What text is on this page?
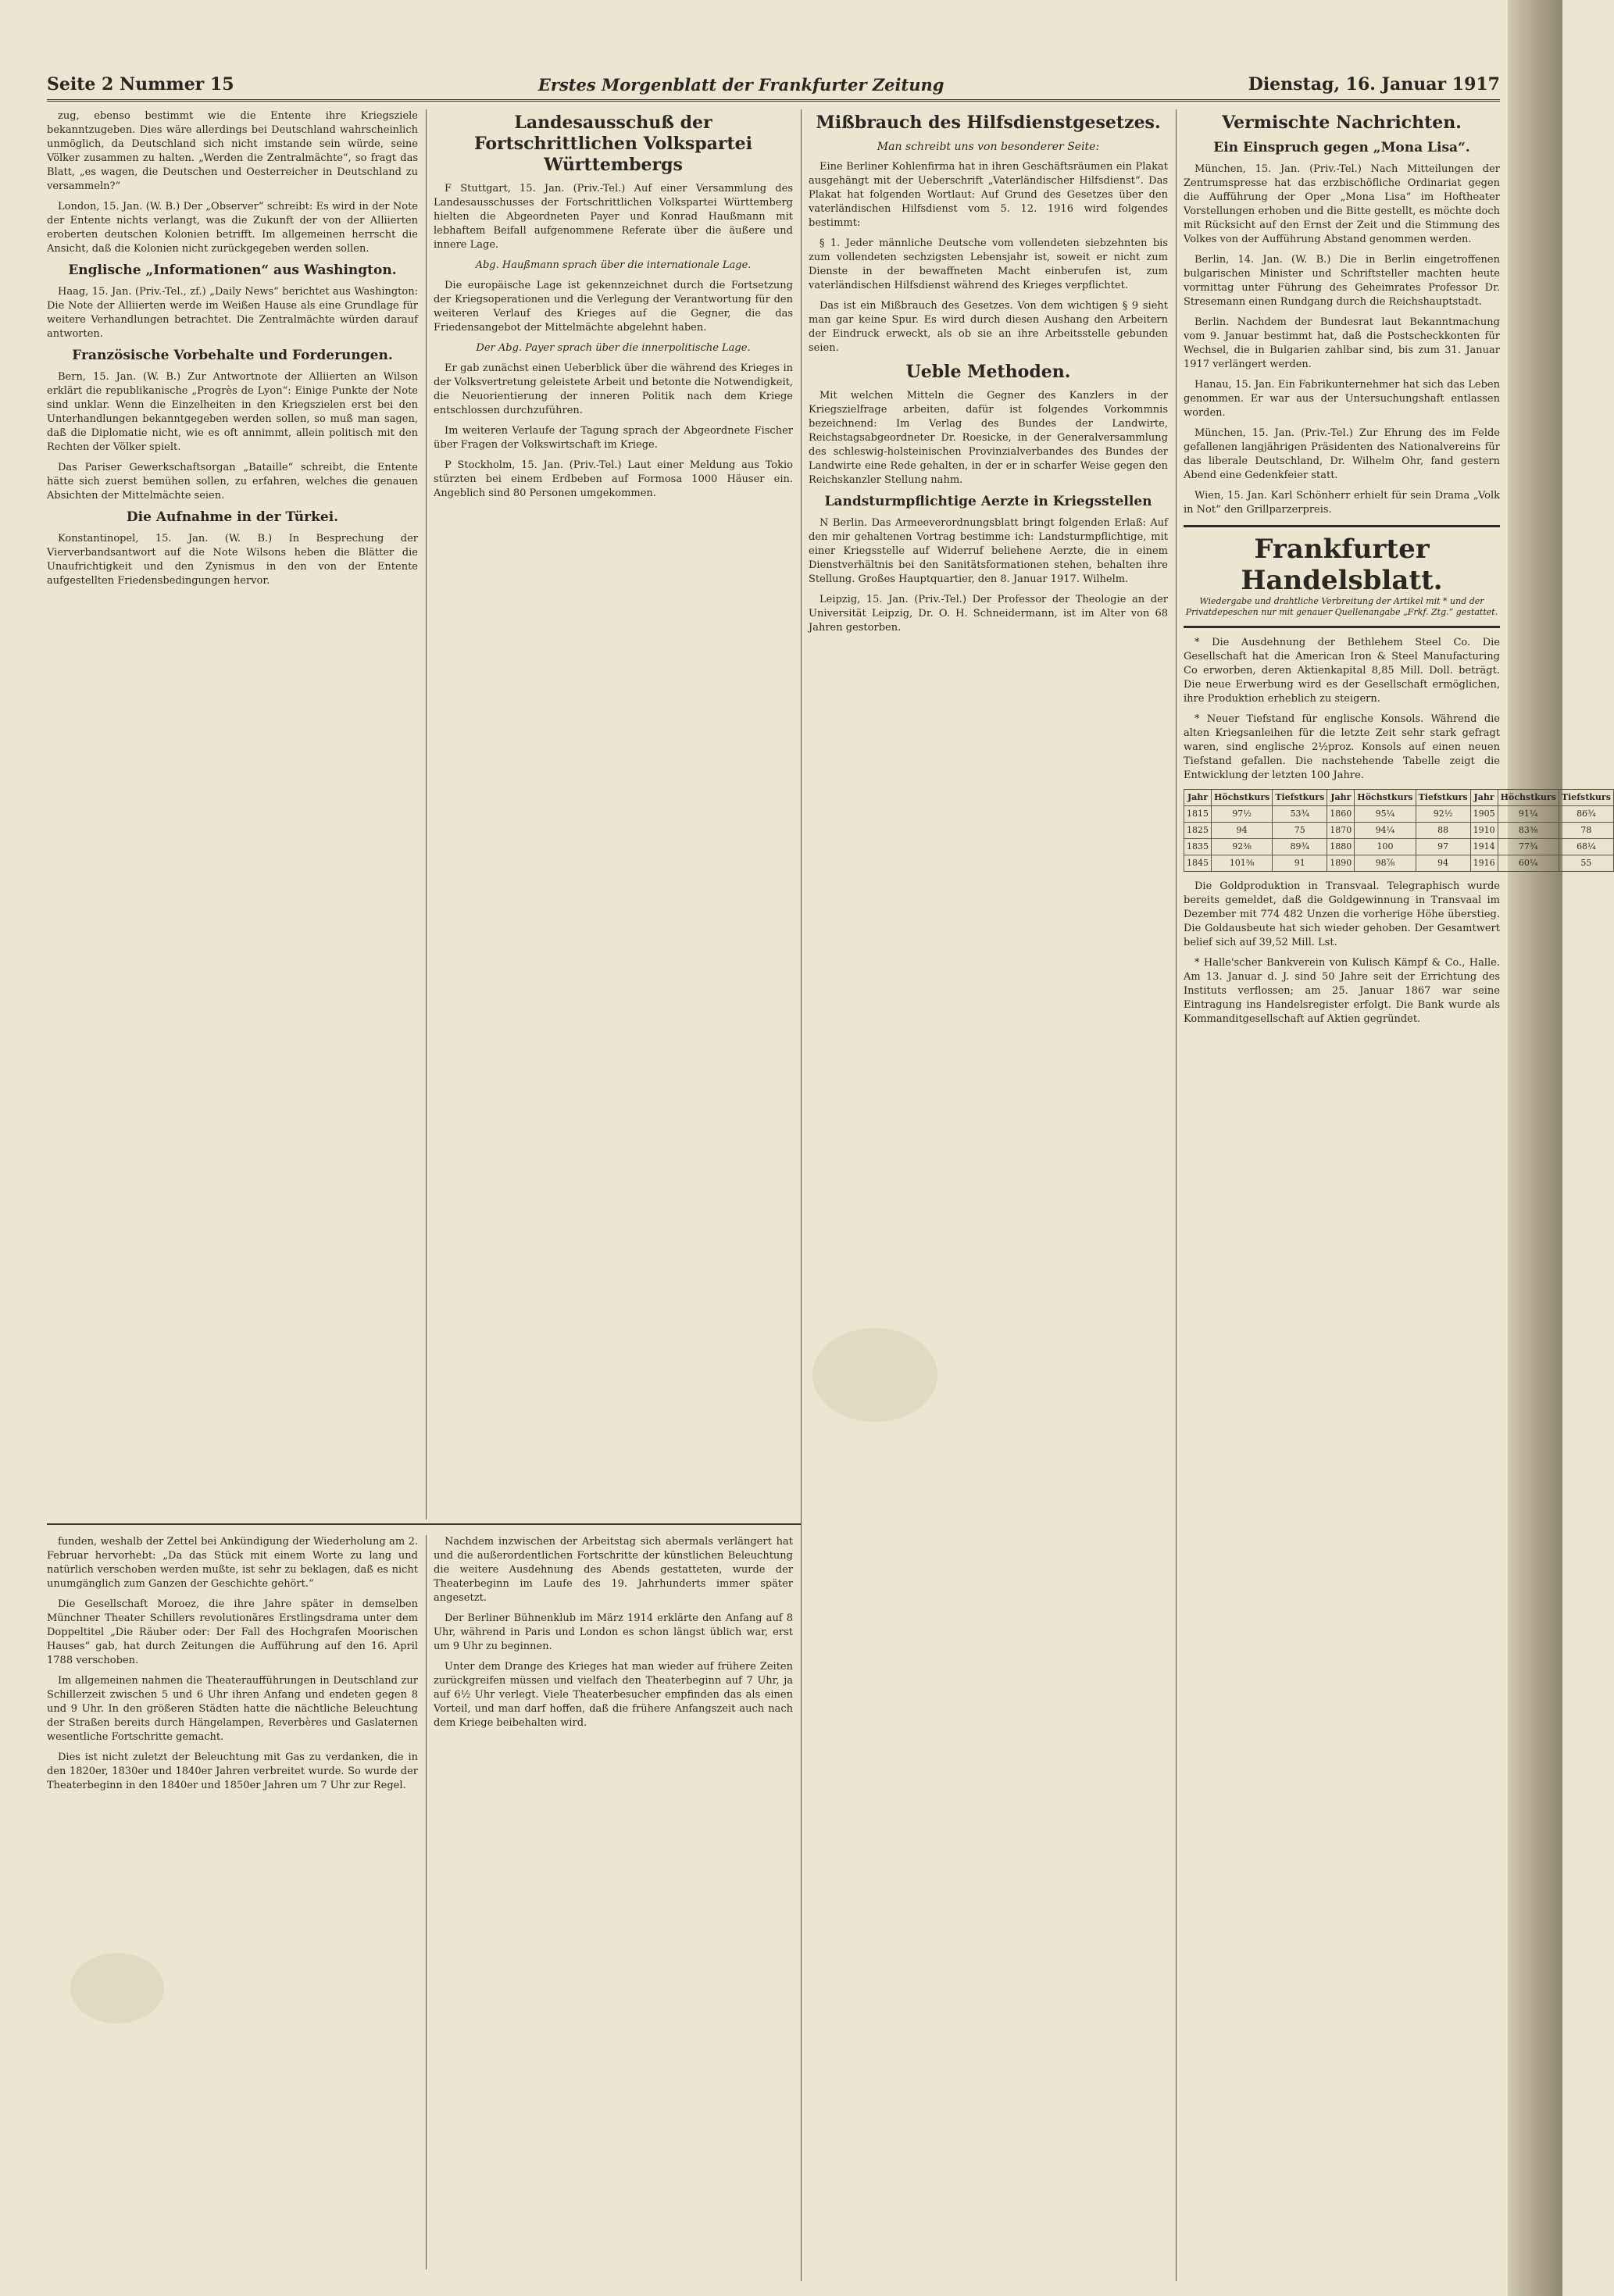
Seite 2 Nummer 15	Erstes Morgenblatt der Frankfurter Zeitung	Dienstag, 16. Januar 1917

zug, ebenso bestimmt wie die Entente ihre Kriegsziele bekanntzugeben. Dies wäre allerdings bei Deutschland wahrscheinlich unmöglich, da Deutschland sich nicht imstande sein würde, seine Völker zusammen zu halten. „Werden die Zentralmächte“, so fragt das Blatt, „es wagen, die Deutschen und Oesterreicher in Deutschland zu versammeln?“

London, 15. Jan. (W. B.) Der „Observer“ schreibt: Es wird in der Note der Entente nichts verlangt, was die Zukunft der von der Alliierten eroberten deutschen Kolonien betrifft. Im allgemeinen herrscht die Ansicht, daß die Kolonien nicht zurückgegeben werden sollen.

Englische „Informationen“ aus Washington.

Haag, 15. Jan. (Priv.-Tel., zf.) „Daily News“ berichtet aus Washington: Die Note der Alliierten werde im Weißen Hause als eine Grundlage für weitere Verhandlungen betrachtet. Die Zentralmächte würden darauf antworten.

Französische Vorbehalte und Forderungen.

Bern, 15. Jan. (W. B.) Zur Antwortnote der Alliierten an Wilson erklärt die republikanische „Progrès de Lyon“: Einige Punkte der Note sind unklar. Wenn die Einzelheiten in den Kriegszielen erst bei den Unterhandlungen bekanntgegeben werden sollen, so muß man sagen, daß die Diplomatie nicht, wie es oft annimmt, allein politisch mit den Rechten der Völker spielt.

Das Pariser Gewerkschaftsorgan „Bataille“ schreibt, die Entente hätte sich zuerst bemühen sollen, zu erfahren, welches die genauen Absichten der Mittelmächte seien.

Die Aufnahme in der Türkei.

Konstantinopel, 15. Jan. (W. B.) In Besprechung der Vierverbandsantwort auf die Note Wilsons heben die Blätter die Unaufrichtigkeit und den Zynismus in den von der Entente aufgestellten Friedensbedingungen hervor.

Landesausschuß der Fortschrittlichen Volkspartei Württembergs

F Stuttgart, 15. Jan. (Priv.-Tel.) Auf einer Versammlung des Landesausschusses der Fortschrittlichen Volkspartei Württemberg hielten die Abgeordneten Payer und Konrad Haußmann mit lebhaftem Beifall aufgenommene Referate über die äußere und innere Lage.

Abg. Haußmann sprach über die internationale Lage.

Die europäische Lage ist gekennzeichnet durch die Fortsetzung der Kriegsoperationen und die Verlegung der Verantwortung für den weiteren Verlauf des Krieges auf die Gegner, die das Friedensangebot der Mittelmächte abgelehnt haben.

Der Abg. Payer sprach über die innerpolitische Lage.

Er gab zunächst einen Ueberblick über die während des Krieges in der Volksvertretung geleistete Arbeit und betonte die Notwendigkeit, die Neuorientierung der inneren Politik nach dem Kriege entschlossen durchzuführen.

Im weiteren Verlaufe der Tagung sprach der Abgeordnete Fischer über Fragen der Volkswirtschaft im Kriege.

P Stockholm, 15. Jan. (Priv.-Tel.) Laut einer Meldung aus Tokio stürzten bei einem Erdbeben auf Formosa 1000 Häuser ein. Angeblich sind 80 Personen umgekommen.

Mißbrauch des Hilfsdienstgesetzes.
Man schreibt uns von besonderer Seite:

Eine Berliner Kohlenfirma hat in ihren Geschäftsräumen ein Plakat ausgehängt mit der Ueberschrift „Vaterländischer Hilfsdienst“. Das Plakat hat folgenden Wortlaut: Auf Grund des Gesetzes über den vaterländischen Hilfsdienst vom 5. 12. 1916 wird folgendes bestimmt:

§ 1. Jeder männliche Deutsche vom vollendeten siebzehnten bis zum vollendeten sechzigsten Lebensjahr ist, soweit er nicht zum Dienste in der bewaffneten Macht einberufen ist, zum vaterländischen Hilfsdienst während des Krieges verpflichtet.

Das ist ein Mißbrauch des Gesetzes. Von dem wichtigen § 9 sieht man gar keine Spur. Es wird durch diesen Aushang den Arbeitern der Eindruck erweckt, als ob sie an ihre Arbeitsstelle gebunden seien.

Ueble Methoden.

Mit welchen Mitteln die Gegner des Kanzlers in der Kriegszielfrage arbeiten, dafür ist folgendes Vorkommnis bezeichnend: Im Verlag des Bundes der Landwirte, Reichstagsabgeordneter Dr. Roesicke, in der Generalversammlung des schleswig-holsteinischen Provinzialverbandes des Bundes der Landwirte eine Rede gehalten, in der er in scharfer Weise gegen den Reichskanzler Stellung nahm.

Landsturmpflichtige Aerzte in Kriegsstellen

N Berlin. Das Armeeverordnungsblatt bringt folgenden Erlaß: Auf den mir gehaltenen Vortrag bestimme ich: Landsturmpflichtige, mit einer Kriegsstelle auf Widerruf beliehene Aerzte, die in einem Dienstverhältnis bei den Sanitätsformationen stehen, behalten ihre Stellung. Großes Hauptquartier, den 8. Januar 1917. Wilhelm.

Leipzig, 15. Jan. (Priv.-Tel.) Der Professor der Theologie an der Universität Leipzig, Dr. O. H. Schneidermann, ist im Alter von 68 Jahren gestorben.

Vermischte Nachrichten.
Ein Einspruch gegen „Mona Lisa“.

München, 15. Jan. (Priv.-Tel.) Nach Mitteilungen der Zentrumspresse hat das erzbischöfliche Ordinariat gegen die Aufführung der Oper „Mona Lisa“ im Hoftheater Vorstellungen erhoben und die Bitte gestellt, es möchte doch mit Rücksicht auf den Ernst der Zeit und die Stimmung des Volkes von der Aufführung Abstand genommen werden.

Berlin, 14. Jan. (W. B.) Die in Berlin eingetroffenen bulgarischen Minister und Schriftsteller machten heute vormittag unter Führung des Geheimrates Professor Dr. Stresemann einen Rundgang durch die Reichshauptstadt.

Berlin. Nachdem der Bundesrat laut Bekanntmachung vom 9. Januar bestimmt hat, daß die Postscheckkonten für Wechsel, die in Bulgarien zahlbar sind, bis zum 31. Januar 1917 verlängert werden.

Hanau, 15. Jan. Ein Fabrikunternehmer hat sich das Leben genommen. Er war aus der Untersuchungshaft entlassen worden.

München, 15. Jan. (Priv.-Tel.) Zur Ehrung des im Felde gefallenen langjährigen Präsidenten des Nationalvereins für das liberale Deutschland, Dr. Wilhelm Ohr, fand gestern Abend eine Gedenkfeier statt.

Wien, 15. Jan. Karl Schönherr erhielt für sein Drama „Volk in Not“ den Grillparzerpreis.

Frankfurter Handelsblatt.
Wiedergabe und drahtliche Verbreitung der Artikel mit * und der Privatdepeschen nur mit genauer Quellenangabe „Frkf. Ztg.“ gestattet.

* Die Ausdehnung der Bethlehem Steel Co. Die Gesellschaft hat die American Iron & Steel Manufacturing Co erworben, deren Aktienkapital 8,85 Mill. Doll. beträgt. Die neue Erwerbung wird es der Gesellschaft ermöglichen, ihre Produktion erheblich zu steigern.

* Neuer Tiefstand für englische Konsols. Während die alten Kriegsanleihen für die letzte Zeit sehr stark gefragt waren, sind englische 2½proz. Konsols auf einen neuen Tiefstand gefallen. Die nachstehende Tabelle zeigt die Entwicklung der letzten 100 Jahre.

Jahr	Höchstkurs	Tiefstkurs	Jahr	Höchstkurs	Tiefstkurs	Jahr	Höchstkurs	Tiefstkurs
1815	97½	53¾	1860	95¼	92½	1905	91¼	86¾
1825	94	75	1870	94¼	88	1910	83⅜	78
1835	92⅜	89¾	1880	100	97	1914	77¾	68¼
1845	101⅜	91	1890	98⅞	94	1916	60¼	55

Die Goldproduktion in Transvaal. Telegraphisch wurde bereits gemeldet, daß die Goldgewinnung in Transvaal im Dezember mit 774 482 Unzen die vorherige Höhe überstieg. Die Goldausbeute hat sich wieder gehoben. Der Gesamtwert belief sich auf 39,52 Mill. Lst.

* Halle'scher Bankverein von Kulisch Kämpf & Co., Halle. Am 13. Januar d. J. sind 50 Jahre seit der Errichtung des Instituts verflossen; am 25. Januar 1867 war seine Eintragung ins Handelsregister erfolgt. Die Bank wurde als Kommanditgesellschaft auf Aktien gegründet.

funden, weshalb der Zettel bei Ankündigung der Wiederholung am 2. Februar hervorhebt: „Da das Stück mit einem Worte zu lang und natürlich verschoben werden mußte, ist sehr zu beklagen, daß es nicht unumgänglich zum Ganzen der Geschichte gehört.“

Die Gesellschaft Moroez, die ihre Jahre später in demselben Münchner Theater Schillers revolutionäres Erstlingsdrama unter dem Doppeltitel „Die Räuber oder: Der Fall des Hochgrafen Moorischen Hauses“ gab, hat durch Zeitungen die Aufführung auf den 16. April 1788 verschoben.

Im allgemeinen nahmen die Theateraufführungen in Deutschland zur Schillerzeit zwischen 5 und 6 Uhr ihren Anfang und endeten gegen 8 und 9 Uhr. In den größeren Städten hatte die nächtliche Beleuchtung der Straßen bereits durch Hängelampen, Reverbères und Gaslaternen wesentliche Fortschritte gemacht.

Dies ist nicht zuletzt der Beleuchtung mit Gas zu verdanken, die in den 1820er, 1830er und 1840er Jahren verbreitet wurde. So wurde der Theaterbeginn in den 1840er und 1850er Jahren um 7 Uhr zur Regel.

Nachdem inzwischen der Arbeitstag sich abermals verlängert hat und die außerordentlichen Fortschritte der künstlichen Beleuchtung die weitere Ausdehnung des Abends gestatteten, wurde der Theaterbeginn im Laufe des 19. Jahrhunderts immer später angesetzt.

Der Berliner Bühnenklub im März 1914 erklärte den Anfang auf 8 Uhr, während in Paris und London es schon längst üblich war, erst um 9 Uhr zu beginnen.

Unter dem Drange des Krieges hat man wieder auf frühere Zeiten zurückgreifen müssen und vielfach den Theaterbeginn auf 7 Uhr, ja auf 6½ Uhr verlegt. Viele Theaterbesucher empfinden das als einen Vorteil, und man darf hoffen, daß die frühere Anfangszeit auch nach dem Kriege beibehalten wird.
